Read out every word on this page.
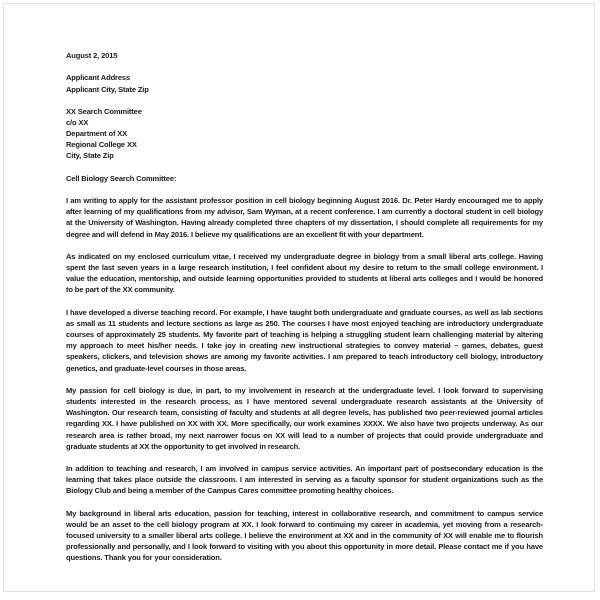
August 2, 2015
Applicant Address
Applicant City, State Zip
XX Search Committee
c/o XX
Department of XX
Regional College XX
City, State Zip
Cell Biology Search Committee:

I am writing to apply for the assistant professor position in cell biology beginning August 2016. Dr. Peter Hardy encouraged me to apply after learning of my qualifications from my advisor, Sam Wyman, at a recent conference. I am currently a doctoral student in cell biology at the University of Washington. Having already completed three chapters of my dissertation, I should complete all requirements for my degree and will defend in May 2016. I believe my qualifications are an excellent fit with your department.

As indicated on my enclosed curriculum vitae, I received my undergraduate degree in biology from a small liberal arts college. Having spent the last seven years in a large research institution, I feel confident about my desire to return to the small college environment. I value the education, mentorship, and outside learning opportunities provided to students at liberal arts colleges and I would be honored to be part of the XX community.

I have developed a diverse teaching record. For example, I have taught both undergraduate and graduate courses, as well as lab sections as small as 11 students and lecture sections as large as 250. The courses I have most enjoyed teaching are introductory undergraduate courses of approximately 25 students. My favorite part of teaching is helping a struggling student learn challenging material by altering my approach to meet his/her needs. I take joy in creating new instructional strategies to convey material – games, debates, guest speakers, clickers, and television shows are among my favorite activities. I am prepared to teach introductory cell biology, introductory genetics, and graduate-level courses in those areas.

My passion for cell biology is due, in part, to my involvement in research at the undergraduate level. I look forward to supervising students interested in the research process, as I have mentored several undergraduate research assistants at the University of Washington. Our research team, consisting of faculty and students at all degree levels, has published two peer-reviewed journal articles regarding XX. I have published on XX with XX. More specifically, our work examines XXXX. We also have two projects underway. As our research area is rather broad, my next narrower focus on XX will lead to a number of projects that could provide undergraduate and graduate students at XX the opportunity to get involved in research.

In addition to teaching and research, I am involved in campus service activities. An important part of postsecondary education is the learning that takes place outside the classroom. I am interested in serving as a faculty sponsor for student organizations such as the Biology Club and being a member of the Campus Cares committee promoting healthy choices.

My background in liberal arts education, passion for teaching, interest in collaborative research, and commitment to campus service would be an asset to the cell biology program at XX. I look forward to continuing my career in academia, yet moving from a research-focused university to a smaller liberal arts college. I believe the environment at XX and in the community of XX will enable me to flourish professionally and personally, and I look forward to visiting with you about this opportunity in more detail. Please contact me if you have questions. Thank you for your consideration.
